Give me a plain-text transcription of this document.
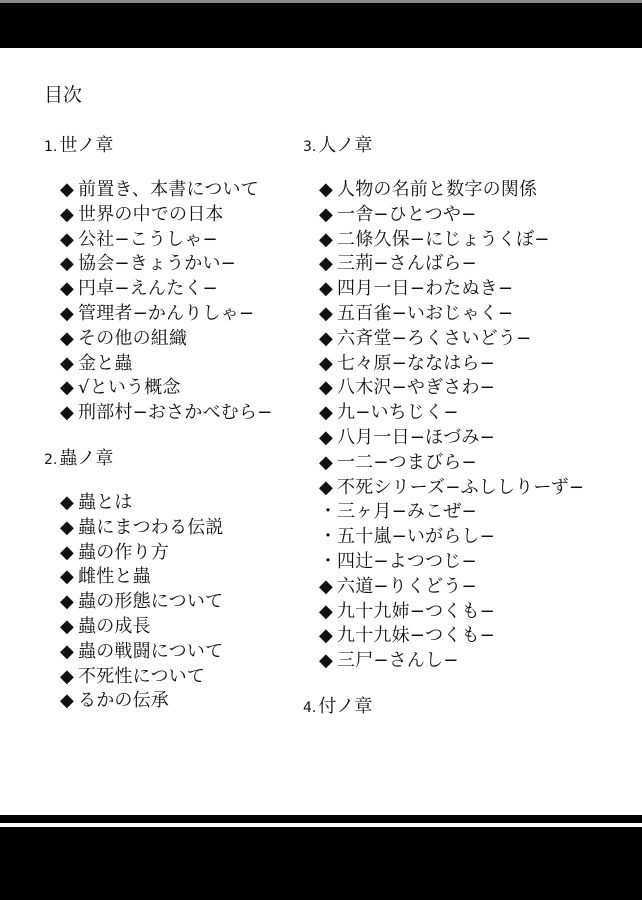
目次
1. 世ノ章
◆ 前置き、本書について
◆ 世界の中での日本
◆ 公社−こうしゃ−
◆ 協会−きょうかい−
◆ 円卓−えんたく−
◆ 管理者−かんりしゃ−
◆ その他の組織
◆ 金と蟲
◆ √という概念
◆ 刑部村−おさかべむら−
2. 蟲ノ章
◆ 蟲とは
◆ 蟲にまつわる伝説
◆ 蟲の作り方
◆ 雌性と蟲
◆ 蟲の形態について
◆ 蟲の成長
◆ 蟲の戦闘について
◆ 不死性について
◆ るかの伝承
3. 人ノ章
◆ 人物の名前と数字の関係
◆ 一舎−ひとつや−
◆ 二條久保−にじょうくぼ−
◆ 三荊−さんばら−
◆ 四月一日−わたぬき−
◆ 五百雀−いおじゃく−
◆ 六斉堂−ろくさいどう−
◆ 七々原−ななはら−
◆ 八木沢−やぎさわ−
◆ 九−いちじく−
◆ 八月一日−ほづみ−
◆ 一二−つまびら−
◆ 不死シリーズ−ふししりーず−
・三ヶ月−みこぜ−
・五十嵐−いがらし−
・四辻−よつつじ−
◆ 六道−りくどう−
◆ 九十九姉−つくも−
◆ 九十九妹−つくも−
◆ 三尸−さんし−
4. 付ノ章
